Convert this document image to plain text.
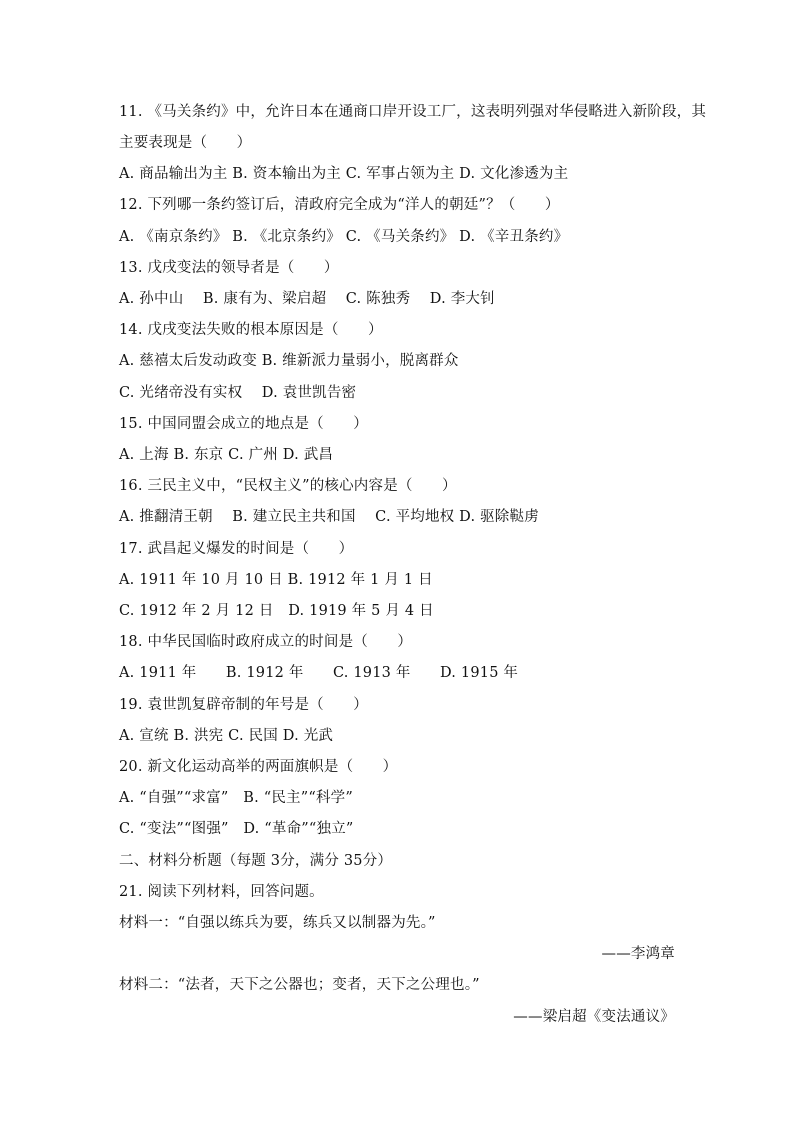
11. 《马关条约》中，允许日本在通商口岸开设工厂，这表明列强对华侵略进入新阶段，其
主要表现是（　　）
A. 商品输出为主 B. 资本输出为主 C. 军事占领为主 D. 文化渗透为主
12. 下列哪一条约签订后，清政府完全成为“洋人的朝廷”？（　　）
A. 《南京条约》 B. 《北京条约》 C. 《马关条约》 D. 《辛丑条约》
13. 戊戌变法的领导者是（　　）
A. 孙中山　 B. 康有为、梁启超　 C. 陈独秀　 D. 李大钊
14. 戊戌变法失败的根本原因是（　　）
A. 慈禧太后发动政变 B. 维新派力量弱小，脱离群众
C. 光绪帝没有实权　 D. 袁世凯告密
15. 中国同盟会成立的地点是（　　）
A. 上海 B. 东京 C. 广州 D. 武昌
16. 三民主义中，“民权主义”的核心内容是（　　）
A. 推翻清王朝　 B. 建立民主共和国　 C. 平均地权 D. 驱除鞑虏
17. 武昌起义爆发的时间是（　　）
A. 1911 年 10 月 10 日 B. 1912 年 1 月 1 日
C. 1912 年 2 月 12 日　D. 1919 年 5 月 4 日
18. 中华民国临时政府成立的时间是（　　）
A. 1911 年　　B. 1912 年　　C. 1913 年　　D. 1915 年
19. 袁世凯复辟帝制的年号是（　　）
A. 宣统 B. 洪宪 C. 民国 D. 光武
20. 新文化运动高举的两面旗帜是（　　）
A. “自强”“求富”　B. “民主”“科学”
C. “变法”“图强”　D. “革命”“独立”
二、材料分析题（每题 3分，满分 35分）
21. 阅读下列材料，回答问题。
材料一：“自强以练兵为要，练兵又以制器为先。”
——李鸿章
材料二：“法者，天下之公器也；变者，天下之公理也。”
——梁启超《变法通议》
